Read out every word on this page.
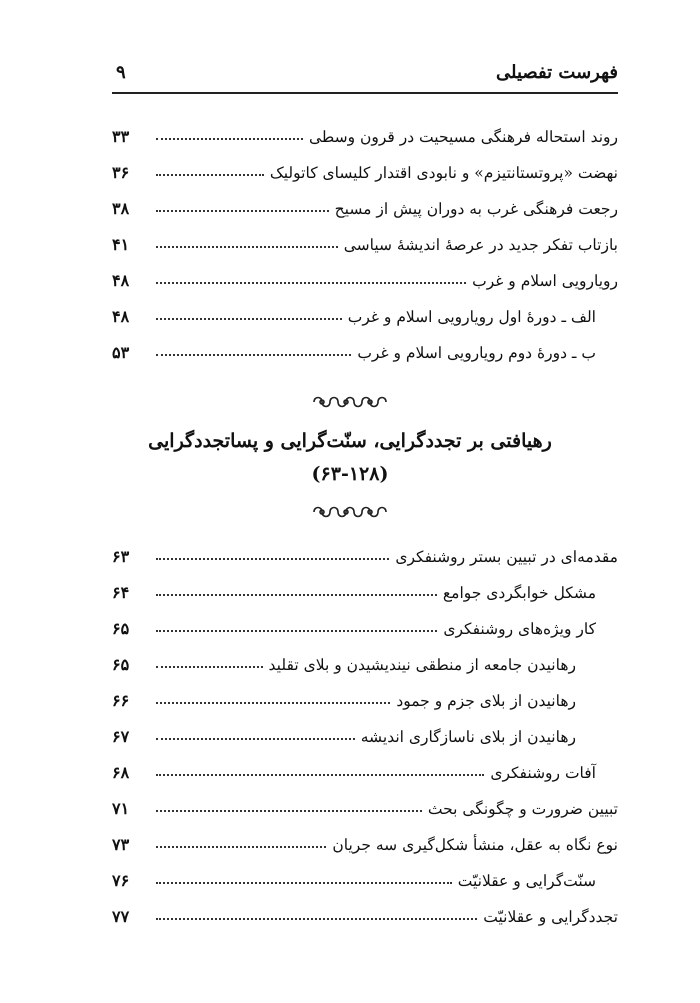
فهرست تفصیلی
۹
روند استحاله فرهنگی مسیحیت در قرون وسطی
۳۳
نهضت «پروتستانتیزم» و نابودی اقتدار کلیسای کاتولیک
۳۶
رجعت فرهنگی غرب به دوران پیش از مسیح
۳۸
بازتاب تفکر جدید در عرصهٔ اندیشهٔ سیاسی
۴۱
رویارویی اسلام و غرب
۴۸
الف ـ دورهٔ اول رویارویی اسلام و غرب
۴۸
ب ـ دورهٔ دوم رویارویی اسلام و غرب
۵۳
رهیافتی بر تجددگرایی، سنّت‌گرایی و پساتجددگرایی
(۶۳-۱۲۸)
مقدمه‌ای در تبیین بستر روشنفکری
۶۳
مشکل خوابگردی جوامع
۶۴
کار ویژه‌های روشنفکری
۶۵
رهانیدن جامعه از منطقی نیندیشیدن و بلای تقلید
۶۵
رهانیدن از بلای جزم و جمود
۶۶
رهانیدن از بلای ناسازگاری اندیشه
۶۷
آفات روشنفکری
۶۸
تبیین ضرورت و چگونگی بحث
۷۱
نوع نگاه به عقل، منشأ شکل‌گیری سه جریان
۷۳
سنّت‌گرایی و عقلانیّت
۷۶
تجددگرایی و عقلانیّت
۷۷
